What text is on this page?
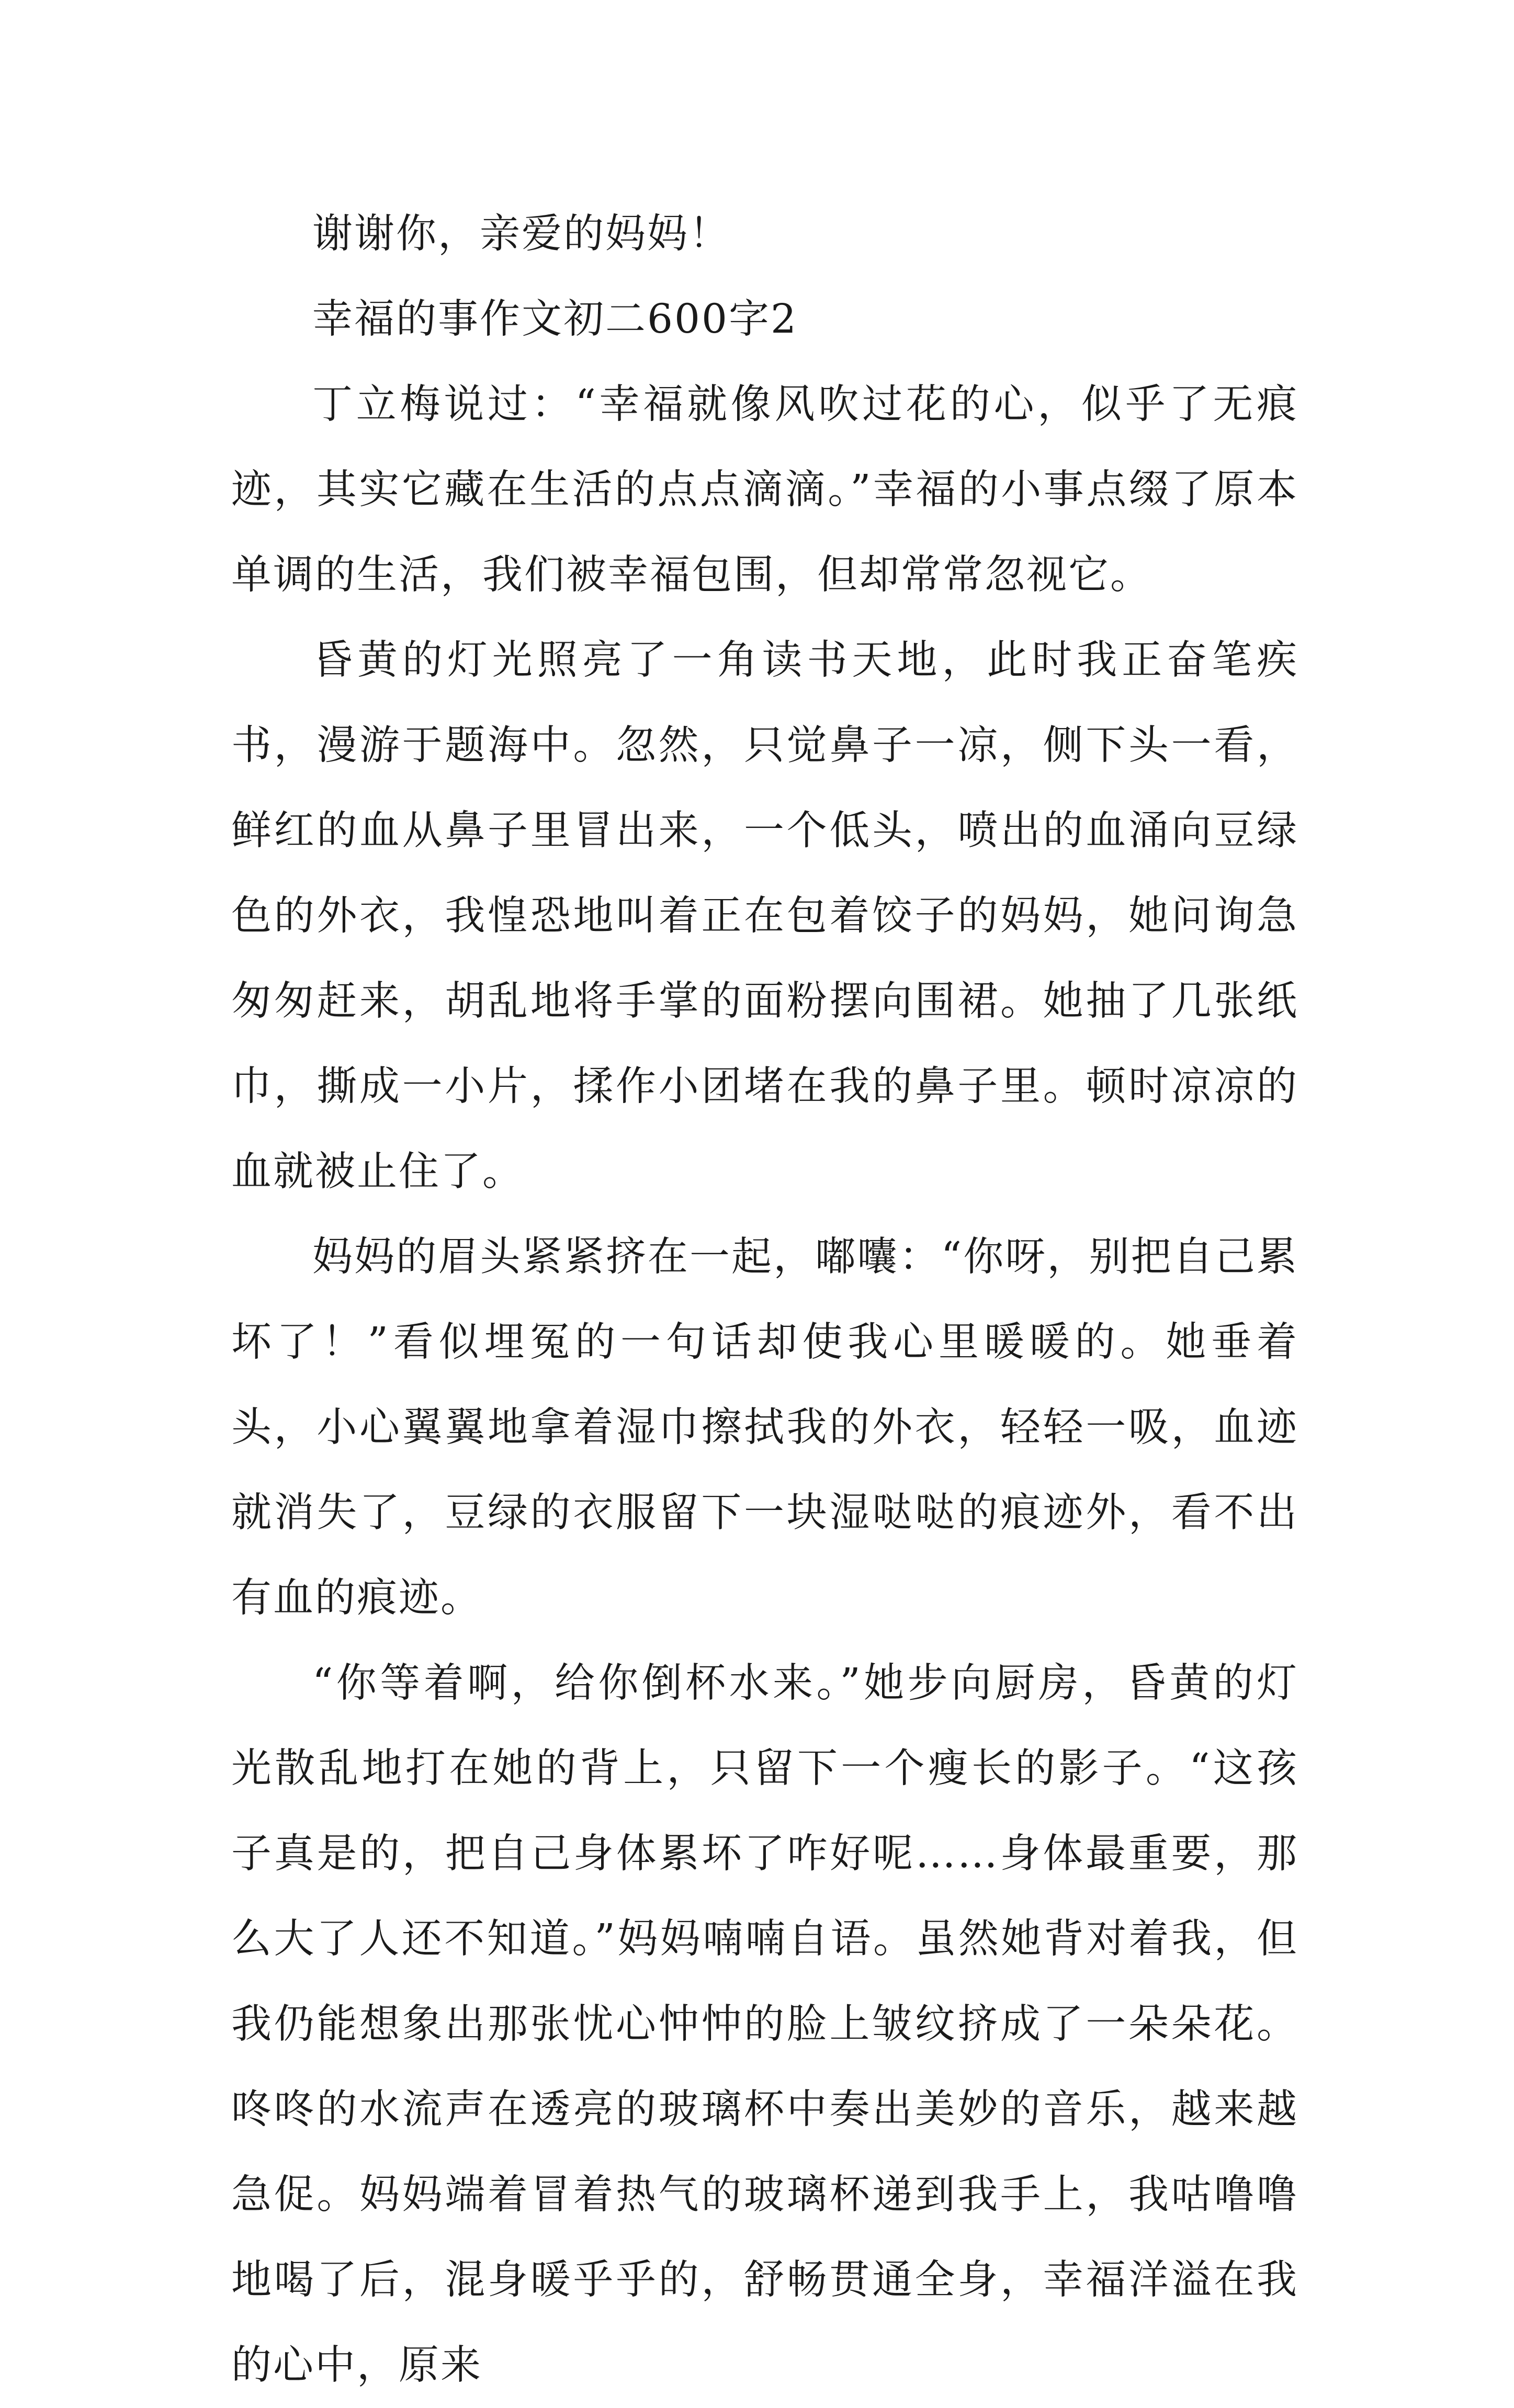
谢谢你，亲爱的妈妈！

幸福的事作文初二600字2

丁立梅说过：“幸福就像风吹过花的心，似乎了无痕迹，其实它藏在生活的点点滴滴。”幸福的小事点缀了原本单调的生活，我们被幸福包围，但却常常忽视它。

昏黄的灯光照亮了一角读书天地，此时我正奋笔疾书，漫游于题海中。忽然，只觉鼻子一凉，侧下头一看，鲜红的血从鼻子里冒出来，一个低头，喷出的血涌向豆绿色的外衣，我惶恐地叫着正在包着饺子的妈妈，她问询急匆匆赶来，胡乱地将手掌的面粉摆向围裙。她抽了几张纸巾，撕成一小片，揉作小团堵在我的鼻子里。顿时凉凉的血就被止住了。

妈妈的眉头紧紧挤在一起，嘟囔：“你呀，别把自己累坏了！”看似埋冤的一句话却使我心里暖暖的。她垂着头，小心翼翼地拿着湿巾擦拭我的外衣，轻轻一吸，血迹就消失了，豆绿的衣服留下一块湿哒哒的痕迹外，看不出有血的痕迹。

“你等着啊，给你倒杯水来。”她步向厨房，昏黄的灯光散乱地打在她的背上，只留下一个瘦长的影子。“这孩子真是的，把自己身体累坏了咋好呢……身体最重要，那么大了人还不知道。”妈妈喃喃自语。虽然她背对着我，但我仍能想象出那张忧心忡忡的脸上皱纹挤成了一朵朵花。咚咚的水流声在透亮的玻璃杯中奏出美妙的音乐，越来越急促。妈妈端着冒着热气的玻璃杯递到我手上，我咕噜噜地喝了后，混身暖乎乎的，舒畅贯通全身，幸福洋溢在我的心中，原来
